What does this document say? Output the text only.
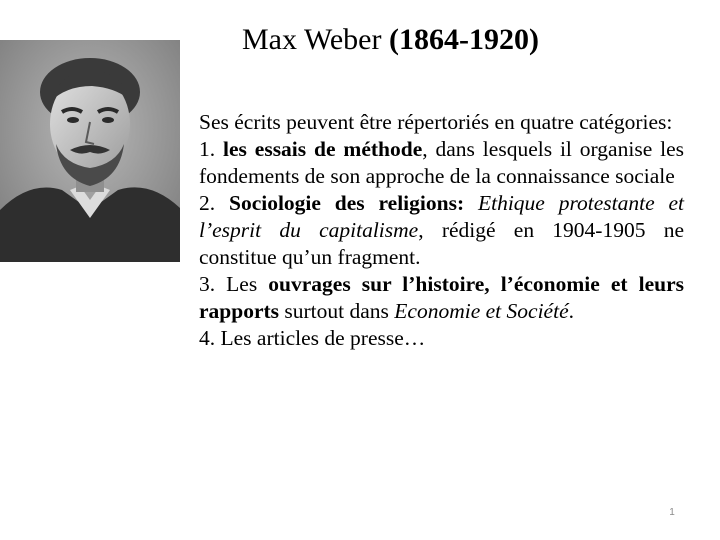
Max Weber (1864-1920)

Ses écrits peuvent être répertoriés en quatre catégories:

1. les essais de méthode, dans lesquels il organise les fondements de son approche de la connaissance sociale

2. Sociologie des religions: Ethique protestante et l’esprit du capitalisme, rédigé en 1904-1905 ne constitue qu’un fragment.

3. Les ouvrages sur l’histoire, l’économie et leurs rapports surtout dans Economie et Société.

4. Les articles de presse…

1
